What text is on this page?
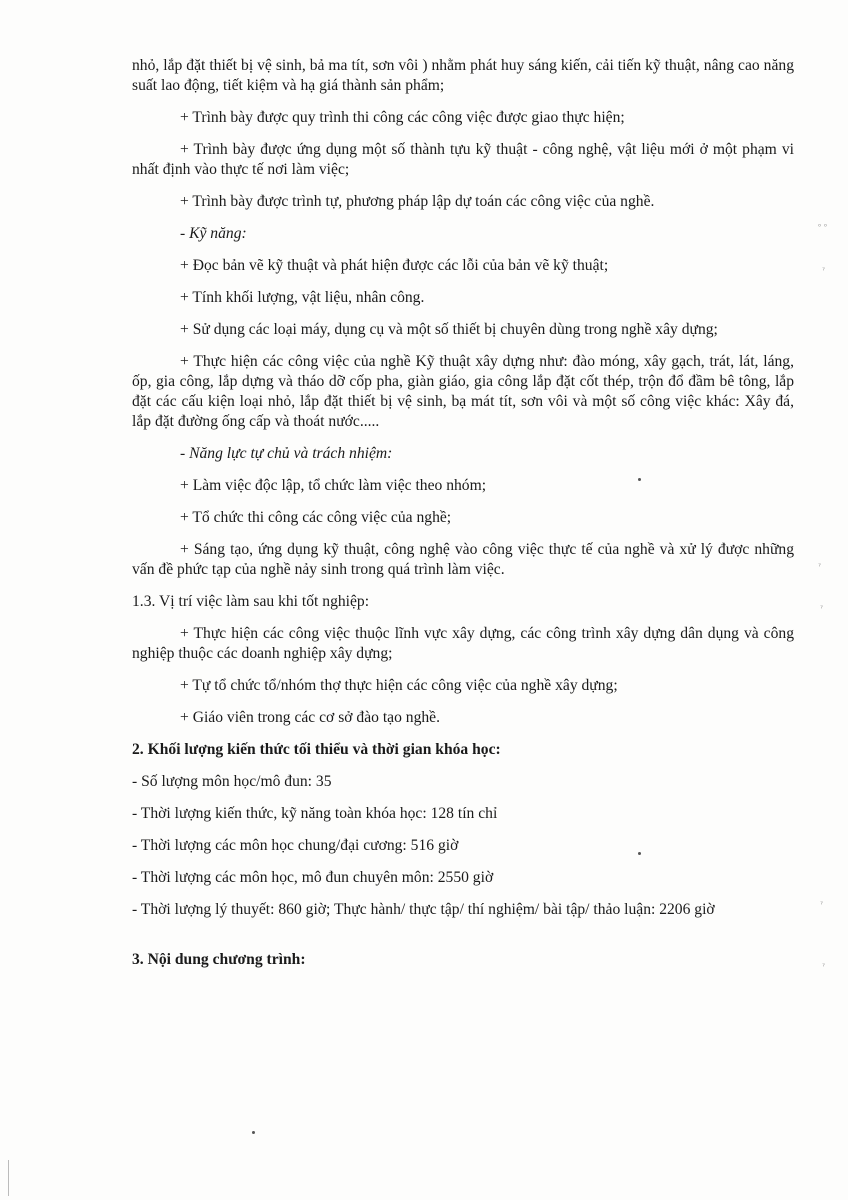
nhỏ, lắp đặt thiết bị vệ sinh, bả ma tít, sơn vôi ) nhằm phát huy sáng kiến, cải tiến kỹ thuật, nâng cao năng suất lao động, tiết kiệm và hạ giá thành sản phẩm;

+ Trình bày được quy trình thi công các công việc được giao thực hiện;

+ Trình bày được ứng dụng một số thành tựu kỹ thuật - công nghệ, vật liệu mới ở một phạm vi nhất định vào thực tế nơi làm việc;

+ Trình bày được trình tự, phương pháp lập dự toán các công việc của nghề.

- Kỹ năng:

+ Đọc bản vẽ kỹ thuật và phát hiện được các lỗi của bản vẽ kỹ thuật;

+ Tính khối lượng, vật liệu, nhân công.

+ Sử dụng các loại máy, dụng cụ và một số thiết bị chuyên dùng trong nghề xây dựng;

+ Thực hiện các công việc của nghề Kỹ thuật xây dựng như: đào móng, xây gạch, trát, lát, láng, ốp, gia công, lắp dựng và tháo dỡ cốp pha, giàn giáo, gia công lắp đặt cốt thép, trộn đổ đầm bê tông, lắp đặt các cấu kiện loại nhỏ, lắp đặt thiết bị vệ sinh, bạ mát tít, sơn vôi và một số công việc khác: Xây đá, lắp đặt đường ống cấp và thoát nước.....

- Năng lực tự chủ và trách nhiệm:

+ Làm việc độc lập, tổ chức làm việc theo nhóm;

+ Tổ chức thi công các công việc của nghề;

+ Sáng tạo, ứng dụng kỹ thuật, công nghệ vào công việc thực tế của nghề và xử lý được những vấn đề phức tạp của nghề nảy sinh trong quá trình làm việc.

1.3. Vị trí việc làm sau khi tốt nghiệp:

+ Thực hiện các công việc thuộc lĩnh vực xây dựng, các công trình xây dựng dân dụng và công nghiệp thuộc các doanh nghiệp xây dựng;

+ Tự tổ chức tổ/nhóm thợ thực hiện các công việc của nghề xây dựng;

+ Giáo viên trong các cơ sở đào tạo nghề.

2. Khối lượng kiến thức tối thiểu và thời gian khóa học:

- Số lượng môn học/mô đun: 35

- Thời lượng kiến thức, kỹ năng toàn khóa học: 128 tín chỉ

- Thời lượng các môn học chung/đại cương: 516 giờ

- Thời lượng các môn học, mô đun chuyên môn: 2550 giờ

- Thời lượng lý thuyết: 860 giờ; Thực hành/ thực tập/ thí nghiệm/ bài tập/ thảo luận: 2206 giờ

3. Nội dung chương trình:

ᵒ ᵒ
ˀ
ˀ
ˀ
ˀ
ˀ
